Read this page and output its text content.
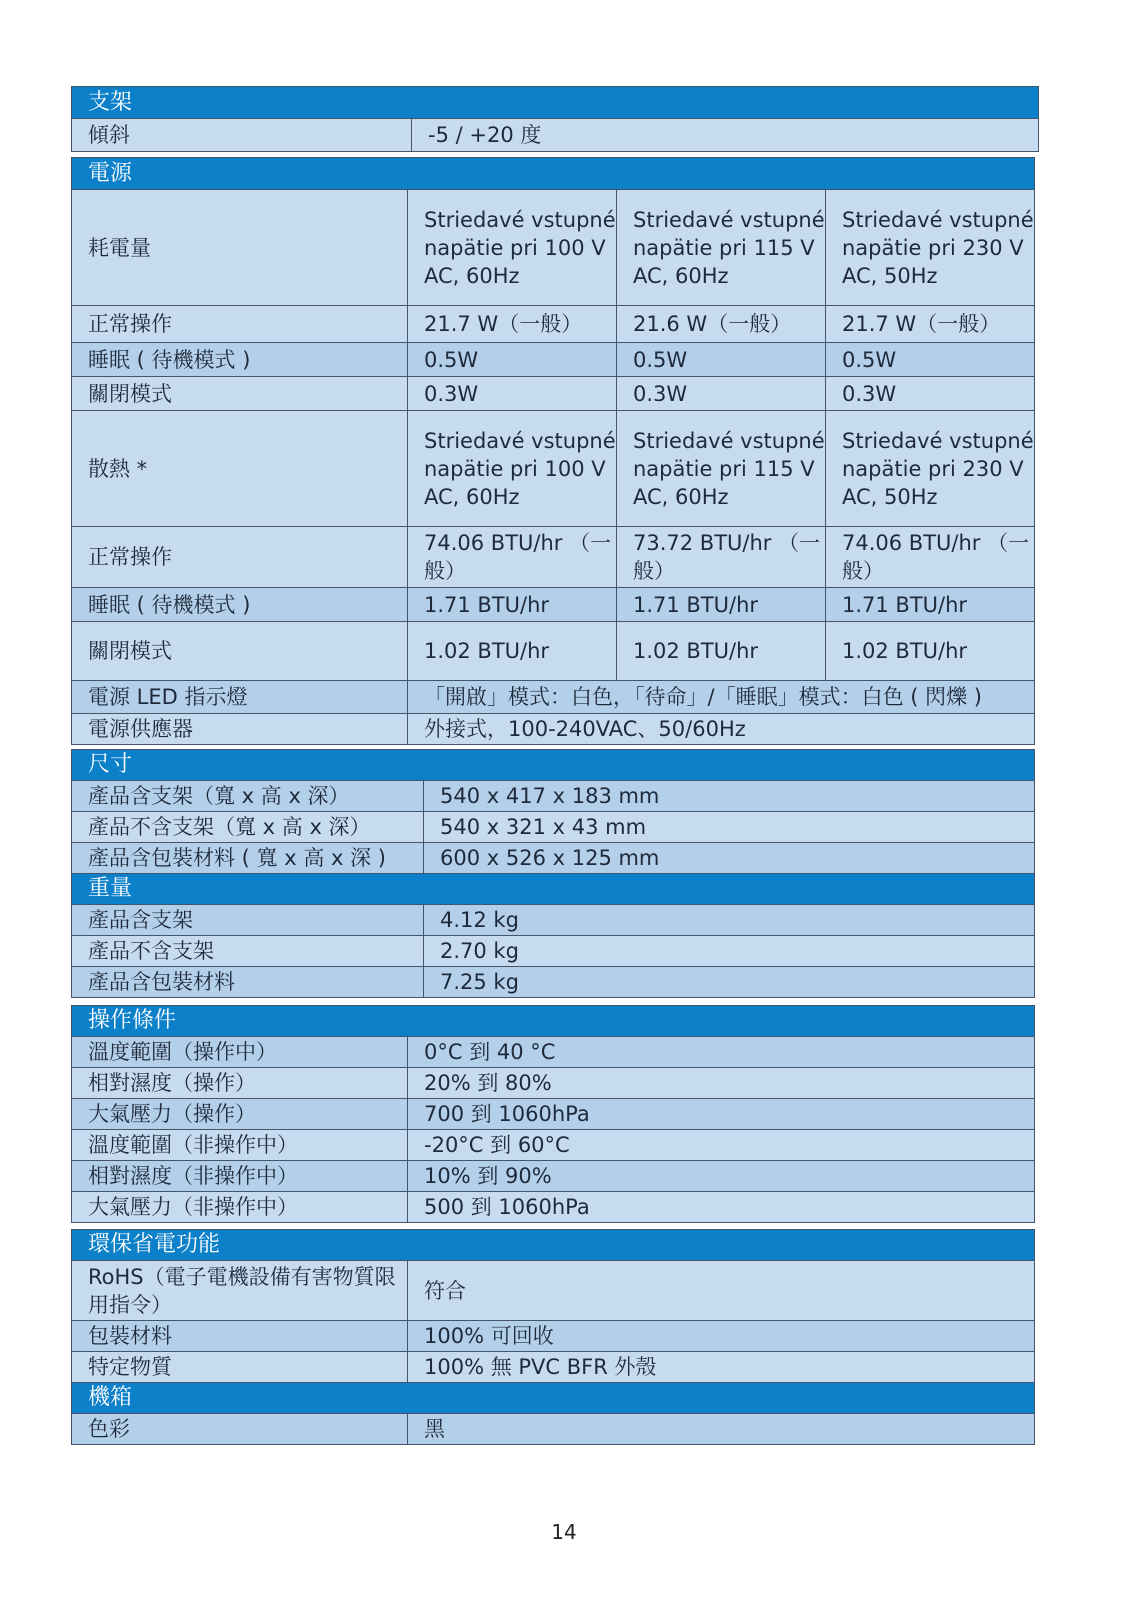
支架
傾斜	-5 / +20 度
電源			
耗電量	Striedavé vstupné napätie pri 100 V AC, 60Hz	Striedavé vstupné napätie pri 115 V AC, 60Hz	Striedavé vstupné napätie pri 230 V AC, 50Hz
正常操作	21.7 W（一般）	21.6 W（一般）	21.7 W（一般）
睡眠 ( 待機模式 )	0.5W	0.5W	0.5W
關閉模式	0.3W	0.3W	0.3W
散熱 *	Striedavé vstupné napätie pri 100 V AC, 60Hz	Striedavé vstupné napätie pri 115 V AC, 60Hz	Striedavé vstupné napätie pri 230 V AC, 50Hz
正常操作	74.06 BTU/hr （一般）	73.72 BTU/hr （一般）	74.06 BTU/hr （一般）
睡眠 ( 待機模式 )	1.71 BTU/hr	1.71 BTU/hr	1.71 BTU/hr
關閉模式	1.02 BTU/hr	1.02 BTU/hr	1.02 BTU/hr
電源 LED 指示燈	「開啟」模式：白色，「待命」/「睡眠」模式：白色 ( 閃爍 )		
電源供應器	外接式，100-240VAC、50/60Hz		
尺寸	
產品含支架（寬 x 高 x 深）	540 x 417 x 183 mm
產品不含支架（寬 x 高 x 深）	540 x 321 x 43 mm
產品含包裝材料 ( 寬 x 高 x 深 )	600 x 526 x 125 mm
重量	
產品含支架	4.12 kg
產品不含支架	2.70 kg
產品含包裝材料	7.25 kg
操作條件	
溫度範圍（操作中）	0°C 到 40 °C
相對濕度（操作）	20% 到 80%
大氣壓力（操作）	700 到 1060hPa
溫度範圍（非操作中）	-20°C 到 60°C
相對濕度（非操作中）	10% 到 90%
大氣壓力（非操作中）	500 到 1060hPa
環保省電功能	
RoHS（電子電機設備有害物質限用指令）	符合
包裝材料	100% 可回收
特定物質	100% 無 PVC BFR 外殼
機箱	
色彩	黑
14
